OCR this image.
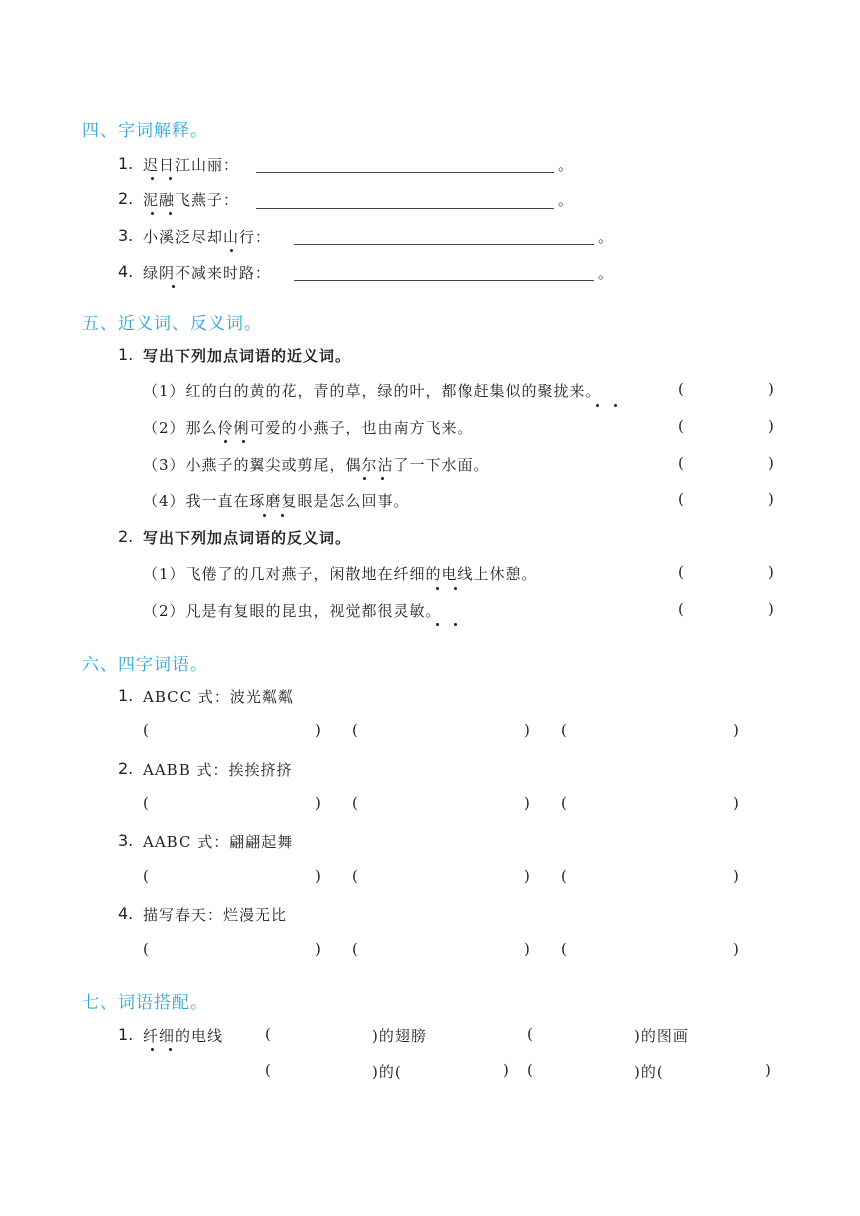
四、字词解释。
1. 迟日江山丽：	。
2. 泥融飞燕子：	。
3. 小溪泛尽却山行：	。
4. 绿阴不减来时路：	。
五、近义词、反义词。
1. 写出下列加点词语的近义词。
（1）红的白的黄的花，青的草，绿的叶，都像赶集似的聚拢来。	(	)
（2）那么伶俐可爱的小燕子，也由南方飞来。	(	)
（3）小燕子的翼尖或剪尾，偶尔沾了一下水面。	(	)
（4）我一直在琢磨复眼是怎么回事。	(	)
2. 写出下列加点词语的反义词。
（1）飞倦了的几对燕子，闲散地在纤细的电线上休憩。	(	)
（2）凡是有复眼的昆虫，视觉都很灵敏。	(	)
六、四字词语。
1. ABCC 式：波光粼粼
(	) (	) (	)
2. AABB 式：挨挨挤挤
(	) (	) (	)
3. AABC 式：翩翩起舞
(	) (	) (	)
4. 描写春天：烂漫无比
(	) (	) (	)
七、词语搭配。
1. 纤细的电线	(	)的翅膀	(	)的图画
(	)的(	) (	)的(	)
